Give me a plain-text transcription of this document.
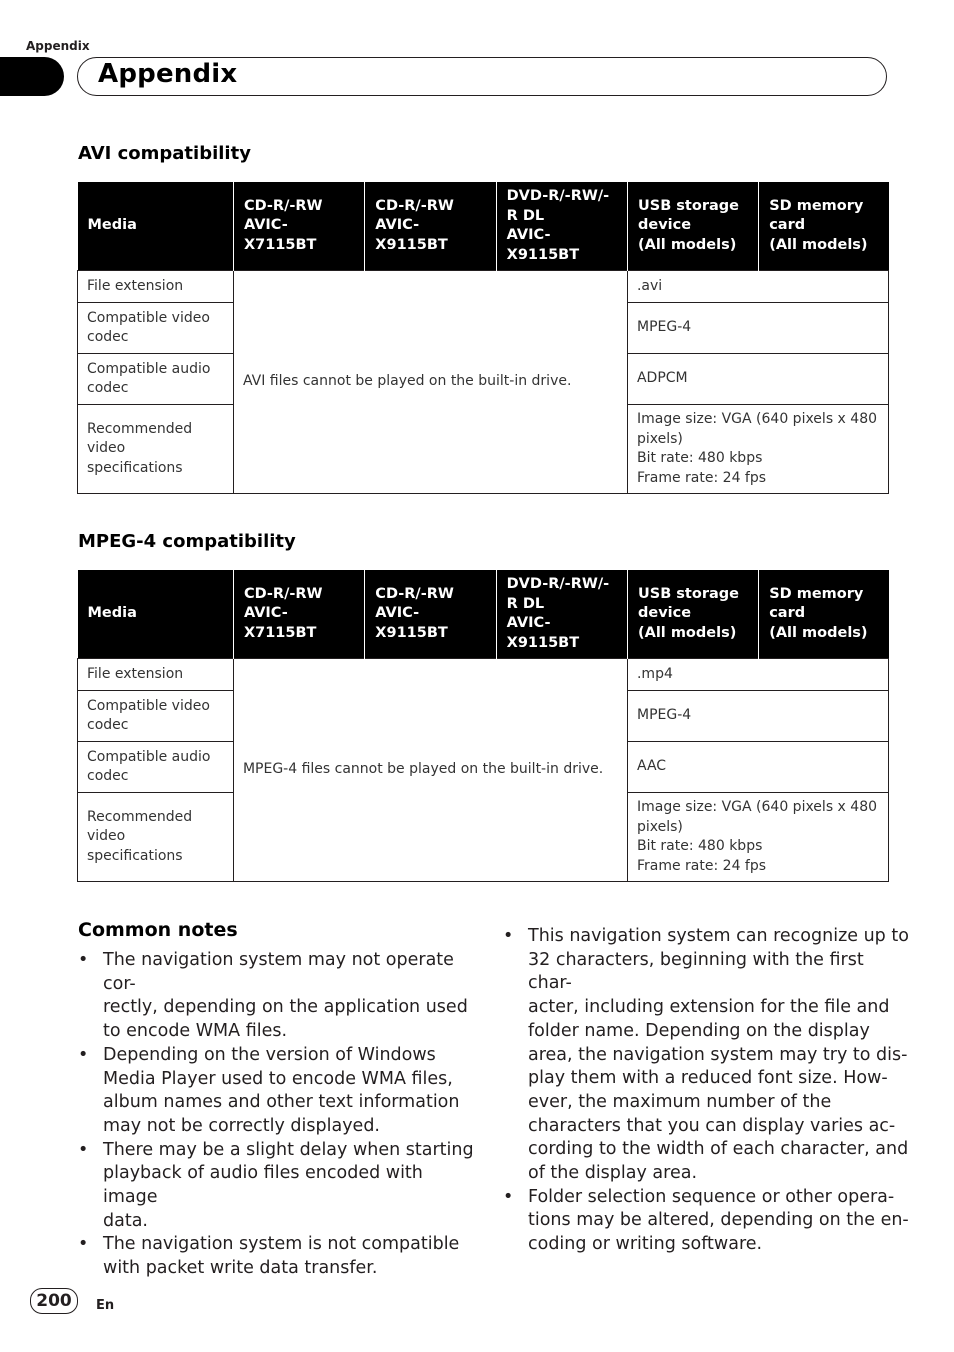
Appendix
Appendix
AVI compatibility
Media	CD-R/-RW
AVIC-
X7115BT	CD-R/-RW
AVIC-
X9115BT	DVD-R/-RW/-
R DL
AVIC-
X9115BT	USB storage
device
(All models)	SD memory
card
(All models)
File extension	AVI files cannot be played on the built-in drive.			.avi	
Compatible video codec				MPEG-4	
Compatible audio codec				ADPCM	
Recommended video specifications				Image size: VGA (640 pixels x 480 pixels)
Bit rate: 480 kbps
Frame rate: 24 fps	
MPEG-4 compatibility
Media	CD-R/-RW
AVIC-
X7115BT	CD-R/-RW
AVIC-
X9115BT	DVD-R/-RW/-
R DL
AVIC-
X9115BT	USB storage
device
(All models)	SD memory
card
(All models)
File extension	MPEG-4 files cannot be played on the built-in drive.			.mp4	
Compatible video codec				MPEG-4	
Compatible audio codec				AAC	
Recommended video specifications				Image size: VGA (640 pixels x 480 pixels)
Bit rate: 480 kbps
Frame rate: 24 fps	
Common notes
• The navigation system may not operate cor-
rectly, depending on the application used
to encode WMA files.
• Depending on the version of Windows
Media Player used to encode WMA files,
album names and other text information
may not be correctly displayed.
• There may be a slight delay when starting
playback of audio files encoded with image
data.
• The navigation system is not compatible
with packet write data transfer.
• This navigation system can recognize up to
32 characters, beginning with the first char-
acter, including extension for the file and
folder name. Depending on the display
area, the navigation system may try to dis-
play them with a reduced font size. How-
ever, the maximum number of the
characters that you can display varies ac-
cording to the width of each character, and
of the display area.
• Folder selection sequence or other opera-
tions may be altered, depending on the en-
coding or writing software.
200	En
